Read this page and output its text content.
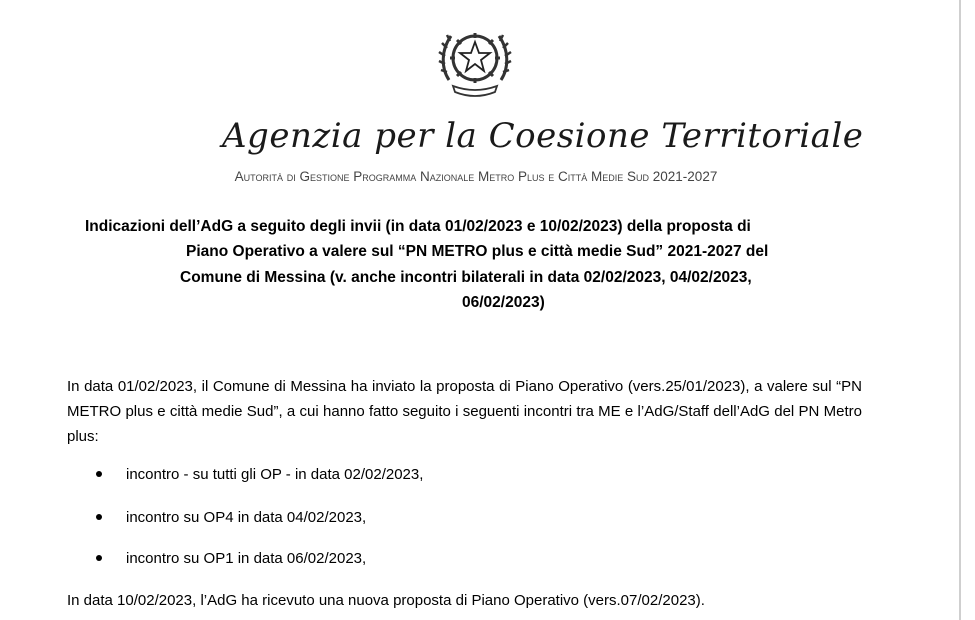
Agenzia per la Coesione Territoriale
Autorità di Gestione Programma Nazionale Metro Plus e Città Medie Sud 2021-2027
Indicazioni dell’AdG a seguito degli invii (in data 01/02/2023 e 10/02/2023) della proposta di
Piano Operativo a valere sul “PN METRO plus e città medie Sud” 2021-2027 del
Comune di Messina (v. anche incontri bilaterali in data 02/02/2023, 04/02/2023,
06/02/2023)

In data 01/02/2023, il Comune di Messina ha inviato la proposta di Piano Operativo (vers.25/01/2023), a valere sul “PN METRO plus e città medie Sud”, a cui hanno fatto seguito i seguenti incontri tra ME e l’AdG/Staff dell’AdG del PN Metro plus:

incontro - su tutti gli OP - in data 02/02/2023,
incontro su OP4 in data 04/02/2023,
incontro su OP1 in data 06/02/2023,

In data 10/02/2023, l’AdG ha ricevuto una nuova proposta di Piano Operativo (vers.07/02/2023).
